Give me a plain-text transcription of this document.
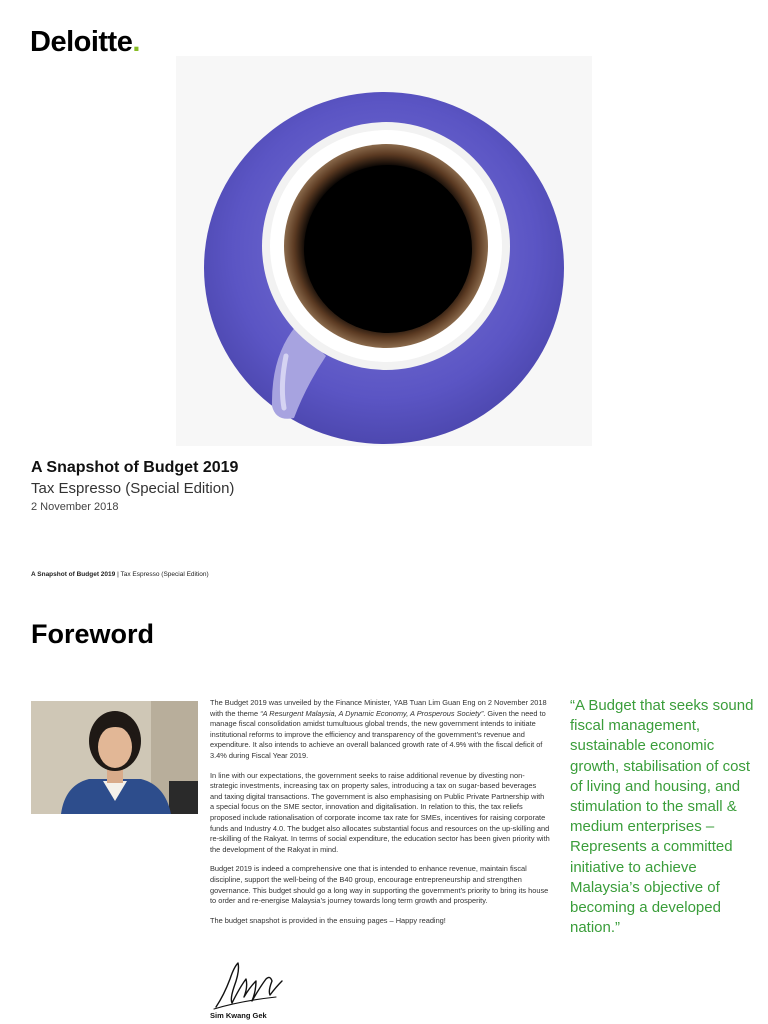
Deloitte.
A Snapshot of Budget 2019
Tax Espresso (Special Edition)
2 November 2018
A Snapshot of Budget 2019 | Tax Espresso (Special Edition)
Foreword

The Budget 2019 was unveiled by the Finance Minister, YAB Tuan Lim Guan Eng on 2 November 2018 with the theme “A Resurgent Malaysia, A Dynamic Economy, A Prosperous Society”. Given the need to manage fiscal consolidation amidst tumultuous global trends, the new government intends to initiate institutional reforms to improve the efficiency and transparency of the government’s revenue and expenditure. It also intends to achieve an overall balanced growth rate of 4.9% with the fiscal deficit of 3.4% during Fiscal Year 2019.

In line with our expectations, the government seeks to raise additional revenue by divesting non-strategic investments, increasing tax on property sales, introducing a tax on sugar-based beverages and taxing digital transactions. The government is also emphasising on Public Private Partnership with a special focus on the SME sector, innovation and digitalisation. In relation to this, the tax reliefs proposed include rationalisation of corporate income tax rate for SMEs, incentives for raising corporate funds and Industry 4.0. The budget also allocates substantial focus and resources on the up-skilling and re-skilling of the Rakyat. In terms of social expenditure, the education sector has been given priority with the development of the Rakyat in mind.

Budget 2019 is indeed a comprehensive one that is intended to enhance revenue, maintain fiscal discipline, support the well-being of the B40 group, encourage entrepreneurship and strengthen governance. This budget should go a long way in supporting the government’s priority to bring its house to order and re-energise Malaysia’s journey towards long term growth and prosperity.

The budget snapshot is provided in the ensuing pages – Happy reading!

“A Budget that seeks sound fiscal management, sustainable economic growth, stabilisation of cost of living and housing, and stimulation to the small & medium enterprises – Represents a committed initiative to achieve Malaysia’s objective of becoming a developed nation.”
Sim Kwang Gek
